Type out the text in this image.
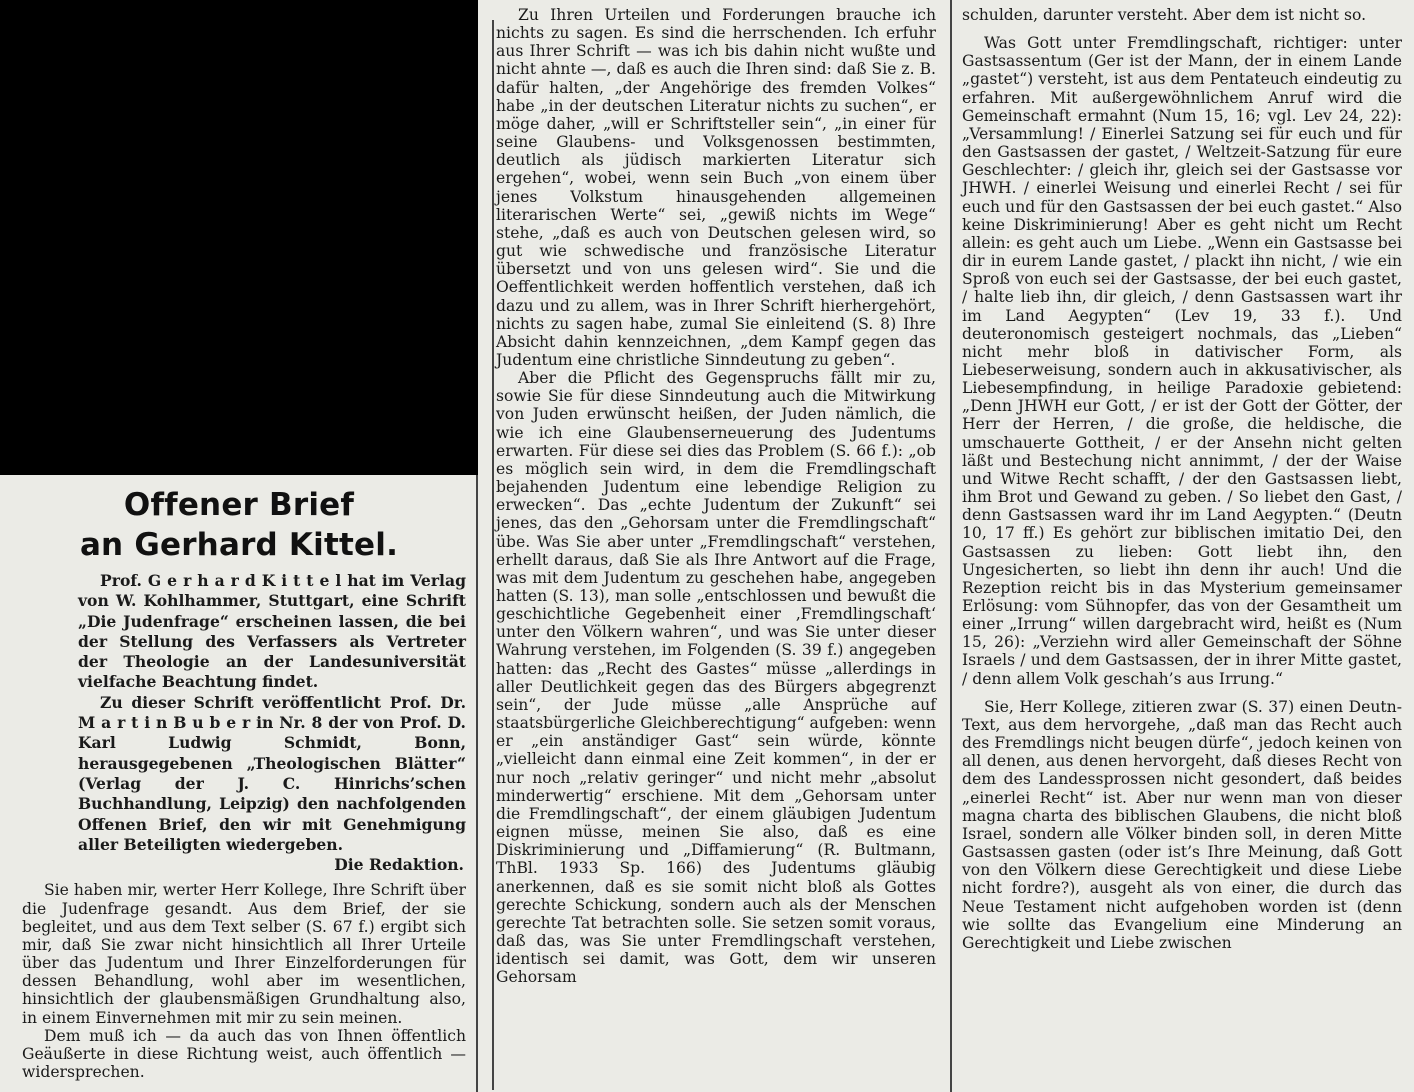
Offener Brief
an Gerhard Kittel.

Prof. G e r h a r d K i t t e l hat im Verlag von W. Kohlhammer, Stuttgart, eine Schrift „Die Judenfrage“ erscheinen lassen, die bei der Stellung des Verfassers als Vertreter der Theologie an der Landesuniversität vielfache Beachtung findet.

Zu dieser Schrift veröffentlicht Prof. Dr. M a r t i n B u b e r in Nr. 8 der von Prof. D. Karl Ludwig Schmidt, Bonn, herausgegebenen „Theologischen Blätter“ (Verlag der J. C. Hinrichs’schen Buchhandlung, Leipzig) den nachfolgenden Offenen Brief, den wir mit Genehmigung aller Beteiligten wiedergeben.

Die Redaktion.

Sie haben mir, werter Herr Kollege, Ihre Schrift über die Judenfrage gesandt. Aus dem Brief, der sie begleitet, und aus dem Text selber (S. 67 f.) ergibt sich mir, daß Sie zwar nicht hinsichtlich all Ihrer Urteile über das Judentum und Ihrer Einzelforderungen für dessen Behandlung, wohl aber im wesentlichen, hinsichtlich der glaubensmäßigen Grundhaltung also, in einem Einvernehmen mit mir zu sein meinen.

Dem muß ich — da auch das von Ihnen öffentlich Geäußerte in diese Richtung weist, auch öffentlich — widersprechen.

Zu Ihren Urteilen und Forderungen brauche ich nichts zu sagen. Es sind die herrschenden. Ich erfuhr aus Ihrer Schrift — was ich bis dahin nicht wußte und nicht ahnte —, daß es auch die Ihren sind: daß Sie z. B. dafür halten, „der Angehörige des fremden Volkes“ habe „in der deutschen Literatur nichts zu suchen“, er möge daher, „will er Schriftsteller sein“, „in einer für seine Glaubens- und Volksgenossen bestimmten, deutlich als jüdisch markierten Literatur sich ergehen“, wobei, wenn sein Buch „von einem über jenes Volkstum hinausgehenden allgemeinen literarischen Werte“ sei, „gewiß nichts im Wege“ stehe, „daß es auch von Deutschen gelesen wird, so gut wie schwedische und französische Literatur übersetzt und von uns gelesen wird“. Sie und die Oeffentlichkeit werden hoffentlich verstehen, daß ich dazu und zu allem, was in Ihrer Schrift hierhergehört, nichts zu sagen habe, zumal Sie einleitend (S. 8) Ihre Absicht dahin kennzeichnen, „dem Kampf gegen das Judentum eine christliche Sinndeutung zu geben“.

Aber die Pflicht des Gegenspruchs fällt mir zu, sowie Sie für diese Sinndeutung auch die Mitwirkung von Juden erwünscht heißen, der Juden nämlich, die wie ich eine Glaubenserneuerung des Judentums erwarten. Für diese sei dies das Problem (S. 66 f.): „ob es möglich sein wird, in dem die Fremdlingschaft bejahenden Judentum eine lebendige Religion zu erwecken“. Das „echte Judentum der Zukunft“ sei jenes, das den „Gehorsam unter die Fremdlingschaft“ übe. Was Sie aber unter „Fremdlingschaft“ verstehen, erhellt daraus, daß Sie als Ihre Antwort auf die Frage, was mit dem Judentum zu geschehen habe, angegeben hatten (S. 13), man solle „entschlossen und bewußt die geschichtliche Gegebenheit einer ‚Fremdlingschaft‘ unter den Völkern wahren“, und was Sie unter dieser Wahrung verstehen, im Folgenden (S. 39 f.) angegeben hatten: das „Recht des Gastes“ müsse „allerdings in aller Deutlichkeit gegen das des Bürgers abgegrenzt sein“, der Jude müsse „alle Ansprüche auf staatsbürgerliche Gleichberechtigung“ aufgeben: wenn er „ein anständiger Gast“ sein würde, könnte „vielleicht dann einmal eine Zeit kommen“, in der er nur noch „relativ geringer“ und nicht mehr „absolut minderwertig“ erschiene. Mit dem „Gehorsam unter die Fremdlingschaft“, der einem gläubigen Judentum eignen müsse, meinen Sie also, daß es eine Diskriminierung und „Diffamierung“ (R. Bultmann, ThBl. 1933 Sp. 166) des Judentums gläubig anerkennen, daß es sie somit nicht bloß als Gottes gerechte Schickung, sondern auch als der Menschen gerechte Tat betrachten solle. Sie setzen somit voraus, daß das, was Sie unter Fremdlingschaft verstehen, identisch sei damit, was Gott, dem wir unseren Gehorsam

schulden, darunter versteht. Aber dem ist nicht so.

Was Gott unter Fremdlingschaft, richtiger: unter Gastsassentum (Ger ist der Mann, der in einem Lande „gastet“) versteht, ist aus dem Pentateuch eindeutig zu erfahren. Mit außergewöhnlichem Anruf wird die Gemeinschaft ermahnt (Num 15, 16; vgl. Lev 24, 22): „Versammlung! / Einerlei Satzung sei für euch und für den Gastsassen der gastet, / Weltzeit-Satzung für eure Geschlechter: / gleich ihr, gleich sei der Gastsasse vor JHWH. / einerlei Weisung und einerlei Recht / sei für euch und für den Gastsassen der bei euch gastet.“ Also keine Diskriminierung! Aber es geht nicht um Recht allein: es geht auch um Liebe. „Wenn ein Gastsasse bei dir in eurem Lande gastet, / plackt ihn nicht, / wie ein Sproß von euch sei der Gastsasse, der bei euch gastet, / halte lieb ihn, dir gleich, / denn Gastsassen wart ihr im Land Aegypten“ (Lev 19, 33 f.). Und deuteronomisch gesteigert nochmals, das „Lieben“ nicht mehr bloß in dativischer Form, als Liebeserweisung, sondern auch in akkusativischer, als Liebesempfindung, in heilige Paradoxie gebietend: „Denn JHWH eur Gott, / er ist der Gott der Götter, der Herr der Herren, / die große, die heldische, die umschauerte Gottheit, / er der Ansehn nicht gelten läßt und Bestechung nicht annimmt, / der der Waise und Witwe Recht schafft, / der den Gastsassen liebt, ihm Brot und Gewand zu geben. / So liebet den Gast, / denn Gastsassen ward ihr im Land Aegypten.“ (Deutn 10, 17 ff.) Es gehört zur biblischen imitatio Dei, den Gastsassen zu lieben: Gott liebt ihn, den Ungesicherten, so liebt ihn denn ihr auch! Und die Rezeption reicht bis in das Mysterium gemeinsamer Erlösung: vom Sühnopfer, das von der Gesamtheit um einer „Irrung“ willen dargebracht wird, heißt es (Num 15, 26): „Verziehn wird aller Gemeinschaft der Söhne Israels / und dem Gastsassen, der in ihrer Mitte gastet, / denn allem Volk geschah’s aus Irrung.“

Sie, Herr Kollege, zitieren zwar (S. 37) einen Deutn-Text, aus dem hervorgehe, „daß man das Recht auch des Fremdlings nicht beugen dürfe“, jedoch keinen von all denen, aus denen hervorgeht, daß dieses Recht von dem des Landessprossen nicht gesondert, daß beides „einerlei Recht“ ist. Aber nur wenn man von dieser magna charta des biblischen Glaubens, die nicht bloß Israel, sondern alle Völker binden soll, in deren Mitte Gastsassen gasten (oder ist’s Ihre Meinung, daß Gott von den Völkern diese Gerechtigkeit und diese Liebe nicht fordre?), ausgeht als von einer, die durch das Neue Testament nicht aufgehoben worden ist (denn wie sollte das Evangelium eine Minderung an Gerechtigkeit und Liebe zwischen
